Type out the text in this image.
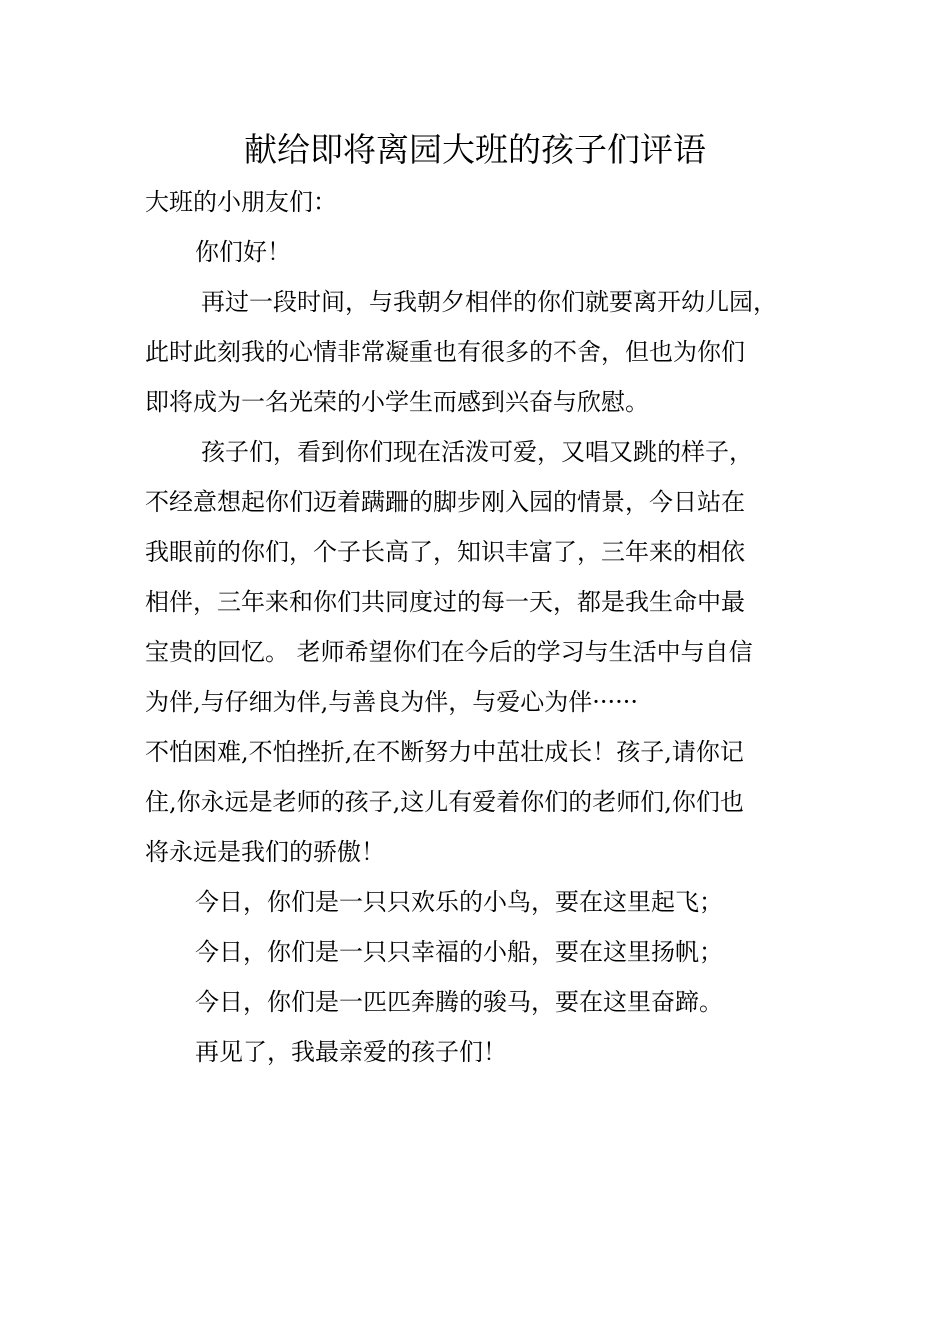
献给即将离园大班的孩子们评语
大班的小朋友们：
你们好！

再过一段时间，与我朝夕相伴的你们就要离开幼儿园，
此时此刻我的心情非常凝重也有很多的不舍，但也为你们
即将成为一名光荣的小学生而感到兴奋与欣慰。

孩子们，看到你们现在活泼可爱，又唱又跳的样子，
不经意想起你们迈着蹒跚的脚步刚入园的情景，今日站在
我眼前的你们，个子长高了，知识丰富了，三年来的相依
相伴，三年来和你们共同度过的每一天，都是我生命中最
宝贵的回忆。 老师希望你们在今后的学习与生活中与自信
为伴,与仔细为伴,与善良为伴，与爱心为伴······
不怕困难,不怕挫折,在不断努力中茁壮成长！孩子,请你记
住,你永远是老师的孩子,这儿有爱着你们的老师们,你们也
将永远是我们的骄傲！

今日，你们是一只只欢乐的小鸟，要在这里起飞；
今日，你们是一只只幸福的小船，要在这里扬帆；
今日，你们是一匹匹奔腾的骏马，要在这里奋蹄。
再见了，我最亲爱的孩子们！
